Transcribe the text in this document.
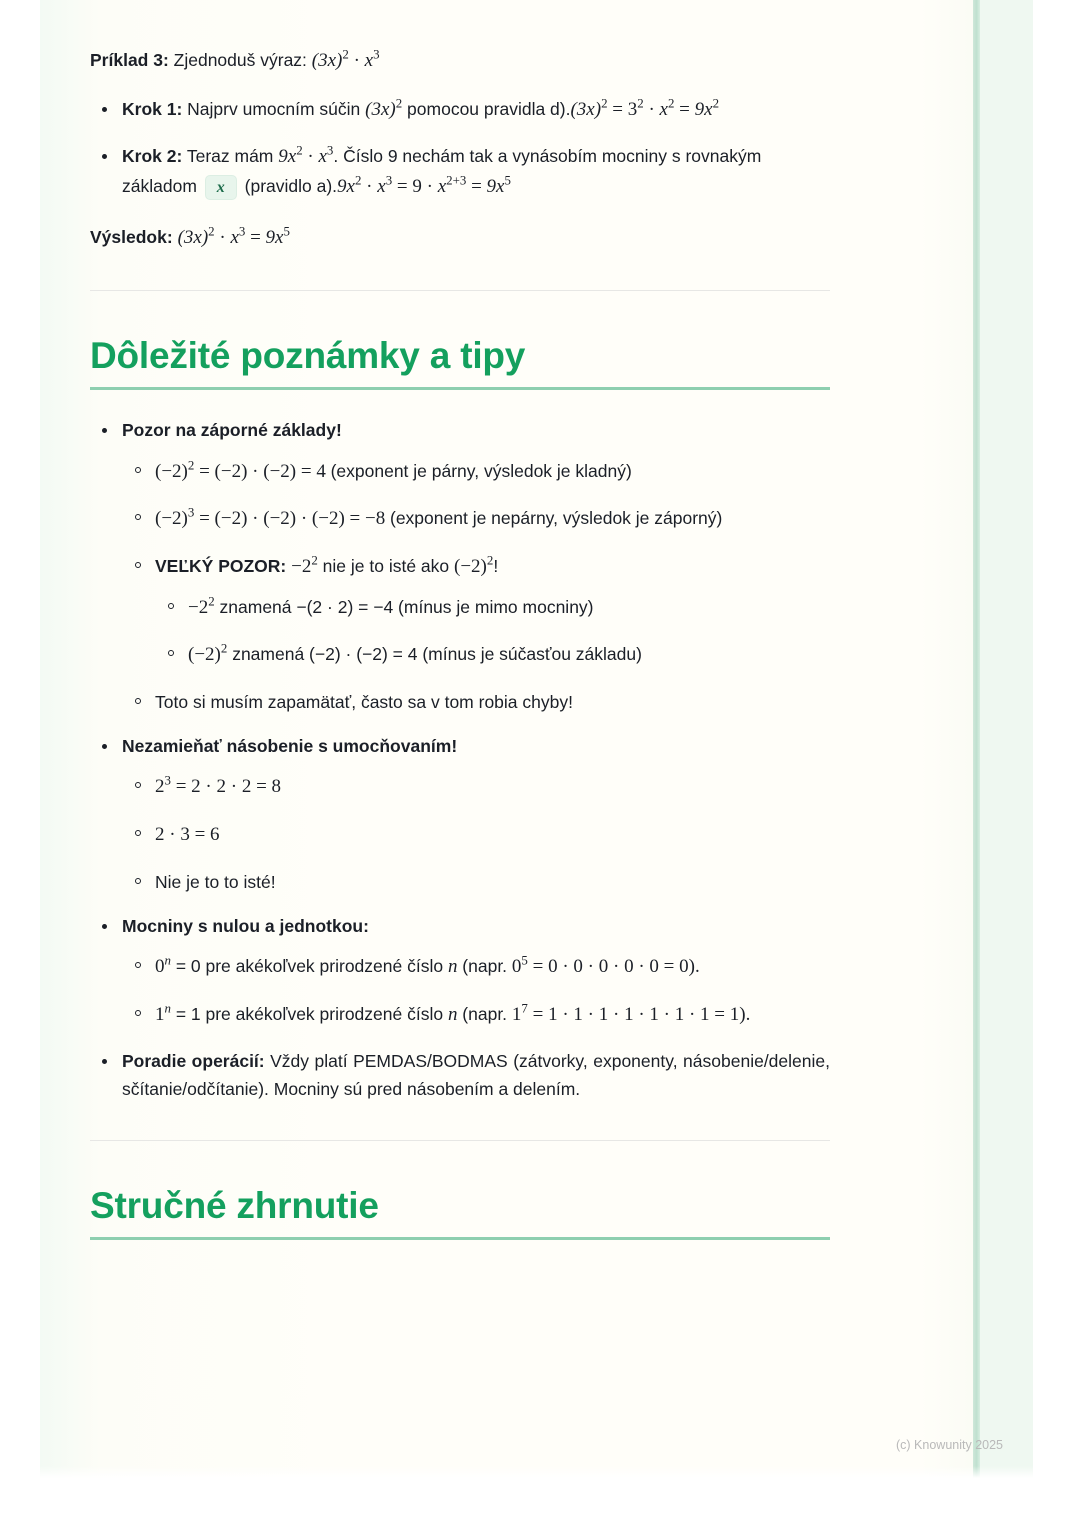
Príklad 3: Zjednoduš výraz: $(3x)^2 \cdot x^3$

Krok 1: Najprv umocním súčin $(3x)^2$ pomocou pravidla $d).(3x)^2 = 3^2 \cdot x^2 = 9x^2$
Krok 2: Teraz mám $9x^2 \cdot x^3$. Číslo 9 nechám tak a vynásobím mocniny s rovnakým základom x (pravidlo $a).9x^2 \cdot x^3 = 9 \cdot x^{2+3} = 9x^5$

Výsledok: $(3x)^2 \cdot x^3 = 9x^5$

Dôležité poznámky a tipy
Pozor na záporné základy!
$(-2)^2 = (-2) \cdot (-2) = 4$ (exponent je párny, výsledok je kladný)
$(-2)^3 = (-2) \cdot (-2) \cdot (-2) = -8$ (exponent je nepárny, výsledok je záporný)
VEĽKÝ POZOR: $-2^2$ nie je to isté ako $(-2)^2$!
$-2^2$ znamená −(2 · 2) = −4 (mínus je mimo mocniny)
$(-2)^2$ znamená (−2) · (−2) = 4 (mínus je súčasťou základu)
Toto si musím zapamätať, často sa v tom robia chyby!
Nezamieňať násobenie s umocňovaním!
$2^3 = 2 \cdot 2 \cdot 2 = 8$
2 · 3 = 6
Nie je to to isté!
Mocniny s nulou a jednotkou:
$0^n = 0$ pre akékoľvek prirodzené číslo n (napr. $0^5 = 0 \cdot 0 \cdot 0 \cdot 0 \cdot 0 = 0$).
$1^n = 1$ pre akékoľvek prirodzené číslo n (napr. $1^7 = 1 \cdot 1 \cdot 1 \cdot 1 \cdot 1 \cdot 1 \cdot 1 = 1$).
Poradie operácií: Vždy platí PEMDAS/BODMAS (zátvorky, exponenty, násobenie/delenie, sčítanie/odčítanie). Mocniny sú pred násobením a delením.
Stručné zhrnutie
(c) Knowunity 2025
